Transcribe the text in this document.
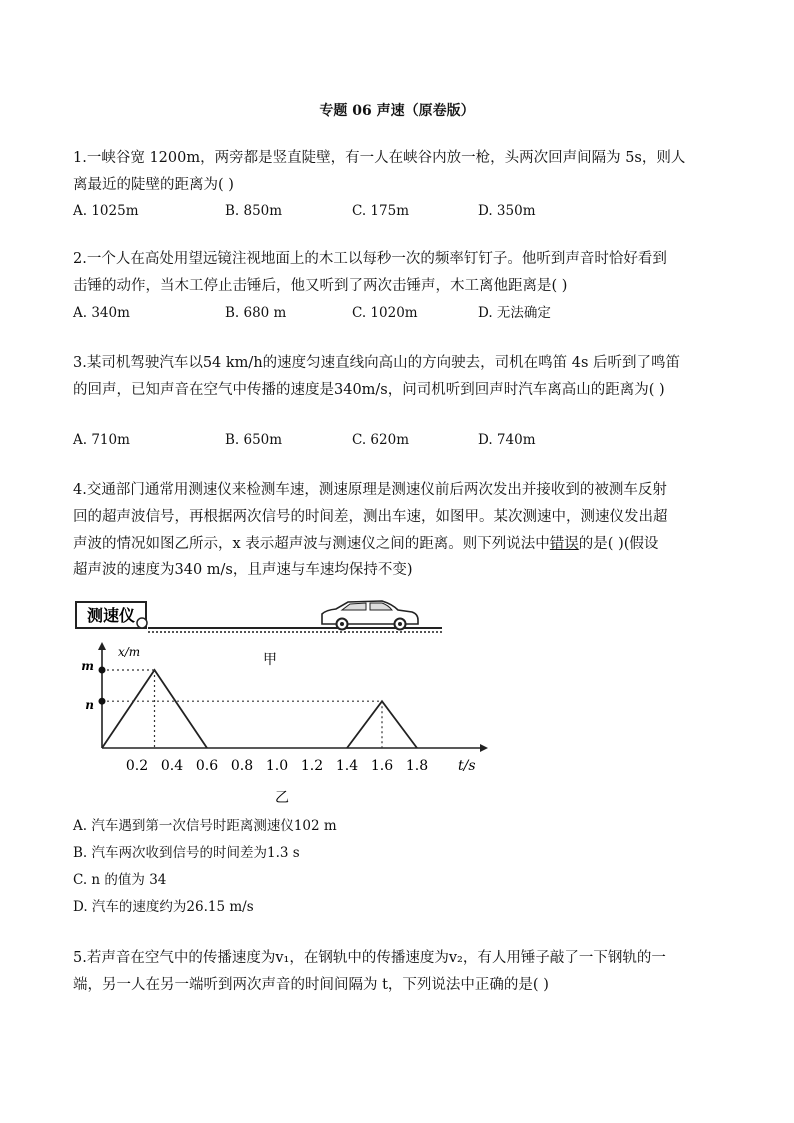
专题 06 声速（原卷版）
1.一峡谷宽 1200m，两旁都是竖直陡壁，有一人在峡谷内放一枪，头两次回声间隔为 5s，则人
离最近的陡壁的距离为( )
A. 1025m	B. 850m	C. 175m	D. 350m
2.一个人在高处用望远镜注视地面上的木工以每秒一次的频率钉钉子。他听到声音时恰好看到
击锤的动作，当木工停止击锤后，他又听到了两次击锤声，木工离他距离是( )
A. 340m	B. 680 m	C. 1020m	D. 无法确定
3.某司机驾驶汽车以54 km/h的速度匀速直线向高山的方向驶去，司机在鸣笛 4s 后听到了鸣笛
的回声，已知声音在空气中传播的速度是340m/s，问司机听到回声时汽车离高山的距离为( )
A. 710m	B. 650m	C. 620m	D. 740m
4.交通部门通常用测速仪来检测车速，测速原理是测速仪前后两次发出并接收到的被测车反射
回的超声波信号，再根据两次信号的时间差，测出车速，如图甲。某次测速中，测速仪发出超
声波的情况如图乙所示，x 表示超声波与测速仪之间的距离。则下列说法中错误的是( )(假设
超声波的速度为340 m/s，且声速与车速均保持不变)
测速仪
甲
x/m
t/s
m
n
0.2 0.4 0.6 0.8 1.0 1.2 1.4 1.6 1.8
乙
A. 汽车遇到第一次信号时距离测速仪102 m
B. 汽车两次收到信号的时间差为1.3 s
C. n 的值为 34
D. 汽车的速度约为26.15 m/s
5.若声音在空气中的传播速度为v₁，在钢轨中的传播速度为v₂，有人用锤子敲了一下钢轨的一
端，另一人在另一端听到两次声音的时间间隔为 t，下列说法中正确的是( )
